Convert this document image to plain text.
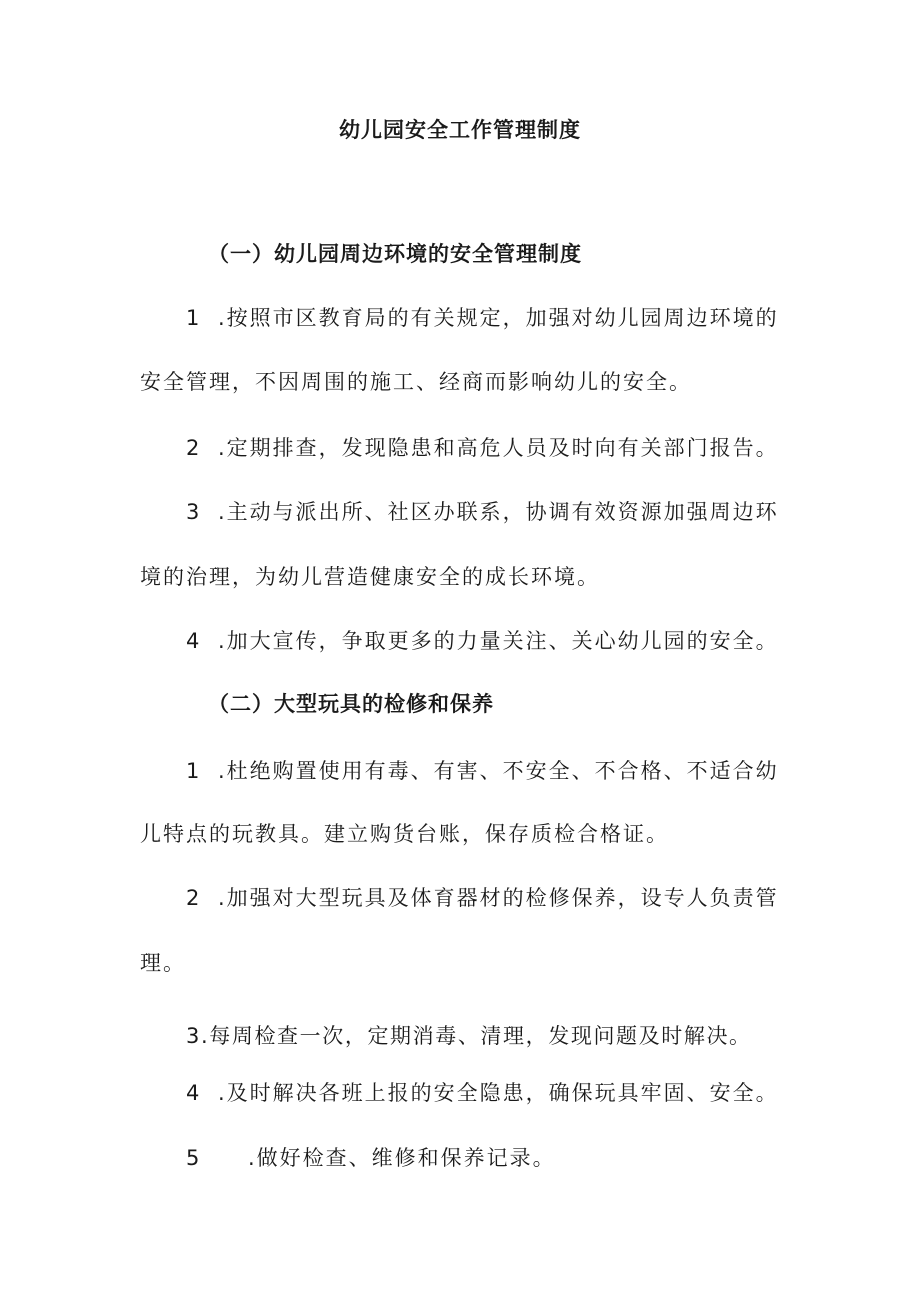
幼儿园安全工作管理制度
（一）幼儿园周边环境的安全管理制度
1 .按照市区教育局的有关规定，加强对幼儿园周边环境的
安全管理，不因周围的施工、经商而影响幼儿的安全。
2 .定期排查，发现隐患和高危人员及时向有关部门报告。
3 .主动与派出所、社区办联系，协调有效资源加强周边环
境的治理，为幼儿营造健康安全的成长环境。
4 .加大宣传，争取更多的力量关注、关心幼儿园的安全。
（二）大型玩具的检修和保养
1 .杜绝购置使用有毒、有害、不安全、不合格、不适合幼
儿特点的玩教具。建立购货台账，保存质检合格证。
2 .加强对大型玩具及体育器材的检修保养，设专人负责管
理。
3.每周检查一次，定期消毒、清理，发现问题及时解决。
4 .及时解决各班上报的安全隐患，确保玩具牢固、安全。
5 .做好检查、维修和保养记录。
